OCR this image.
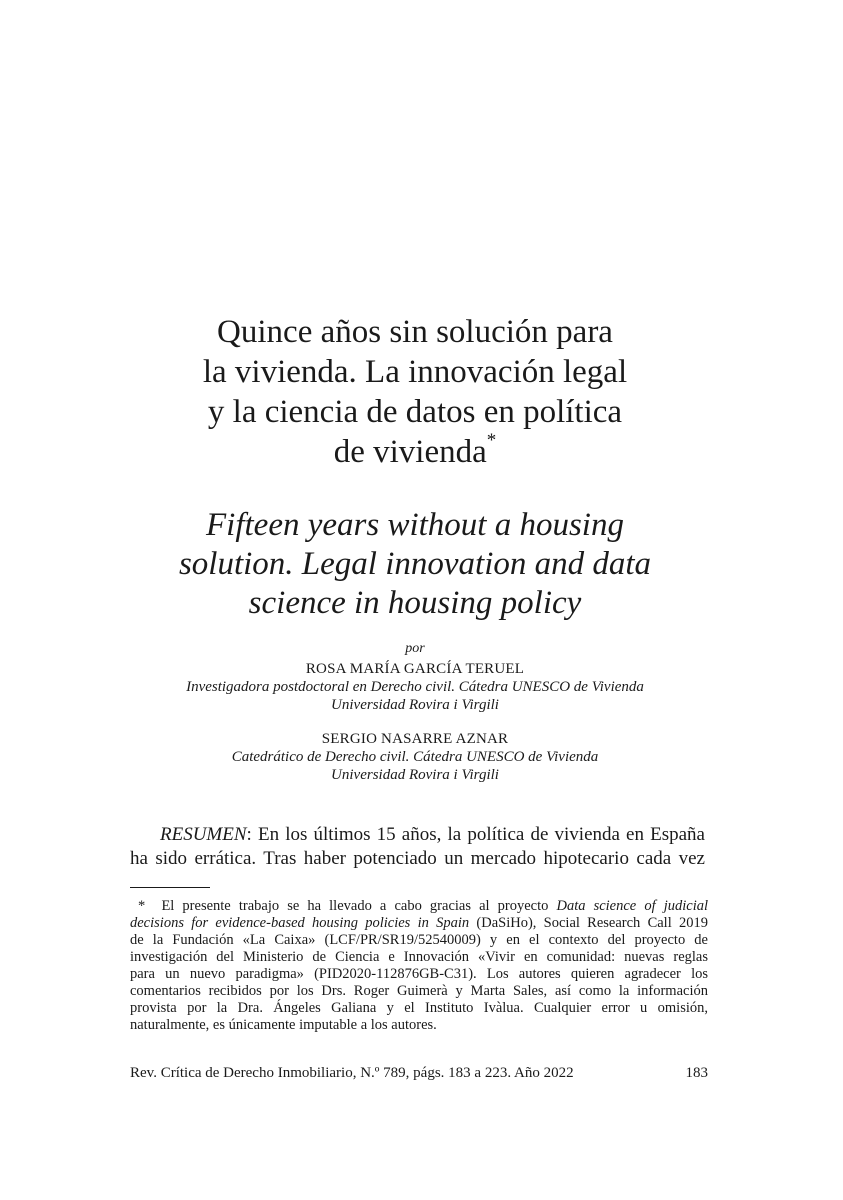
Quince años sin solución para
la vivienda. La innovación legal
y la ciencia de datos en política
de vivienda*
Fifteen years without a housing
solution. Legal innovation and data
science in housing policy
por
ROSA MARÍA GARCÍA TERUEL
Investigadora postdoctoral en Derecho civil. Cátedra UNESCO de Vivienda
Universidad Rovira i Virgili
SERGIO NASARRE AZNAR
Catedrático de Derecho civil. Cátedra UNESCO de Vivienda
Universidad Rovira i Virgili
RESUMEN: En los últimos 15 años, la política de vivienda en España
ha sido errática. Tras haber potenciado un mercado hipotecario cada vez
* El presente trabajo se ha llevado a cabo gracias al proyecto Data science of judicial
decisions for evidence-based housing policies in Spain (DaSiHo), Social Research Call 2019
de la Fundación «La Caixa» (LCF/PR/SR19/52540009) y en el contexto del proyecto de
investigación del Ministerio de Ciencia e Innovación «Vivir en comunidad: nuevas reglas
para un nuevo paradigma» (PID2020-112876GB-C31). Los autores quieren agradecer los
comentarios recibidos por los Drs. Roger Guimerà y Marta Sales, así como la información
provista por la Dra. Ángeles Galiana y el Instituto Ivàlua. Cualquier error u omisión,
naturalmente, es únicamente imputable a los autores.
Rev. Crítica de Derecho Inmobiliario, N.º 789, págs. 183 a 223. Año 2022	183
